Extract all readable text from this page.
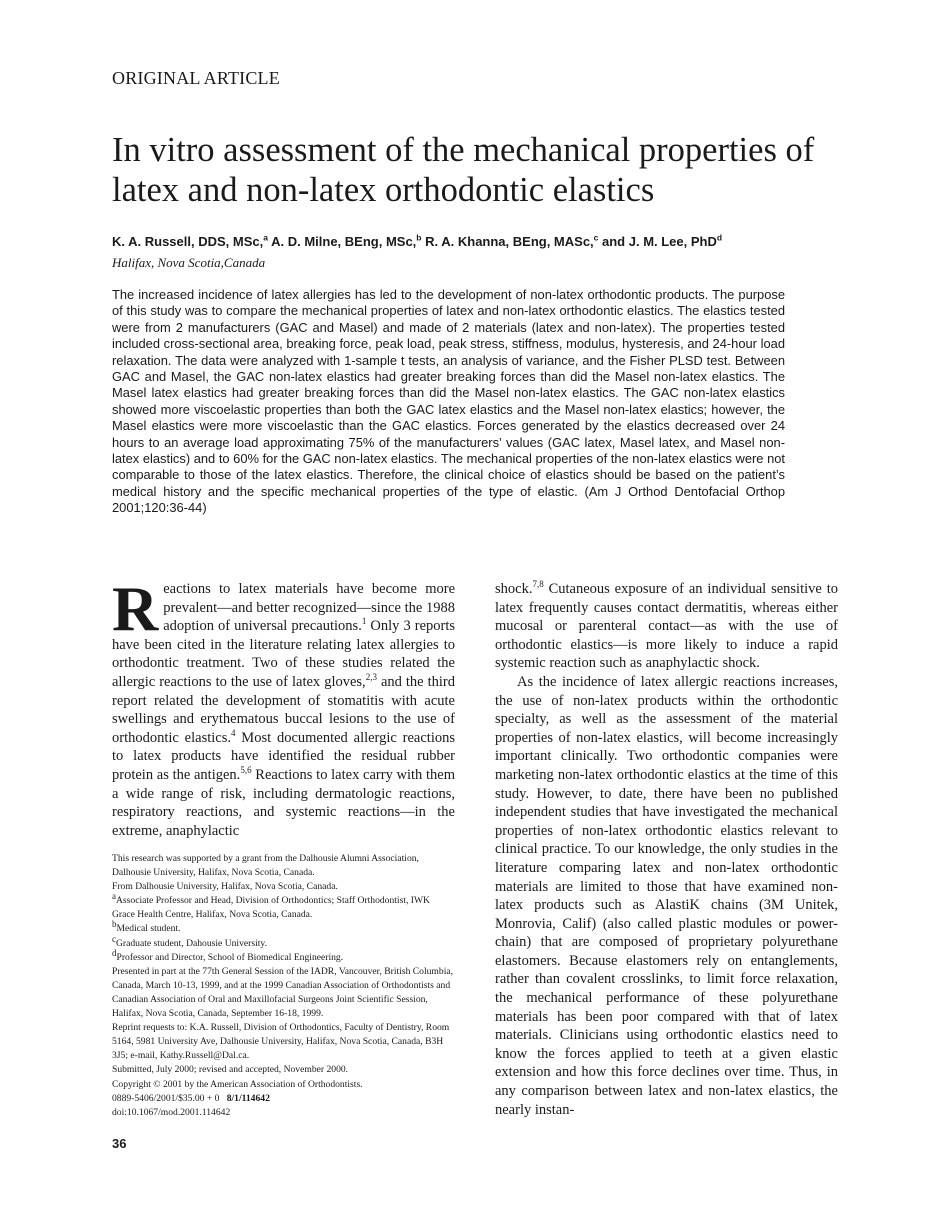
ORIGINAL ARTICLE
In vitro assessment of the mechanical properties of latex and non-latex orthodontic elastics
K. A. Russell, DDS, MSc,$^a$ A. D. Milne, BEng, MSc,$^b$ R. A. Khanna, BEng, MASc,$^c$ and J. M. Lee, PhD$^d$
Halifax, Nova Scotia,Canada

The increased incidence of latex allergies has led to the development of non-latex orthodontic products. The purpose of this study was to compare the mechanical properties of latex and non-latex orthodontic elastics. The elastics tested were from 2 manufacturers (GAC and Masel) and made of 2 materials (latex and non-latex). The properties tested included cross-sectional area, breaking force, peak load, peak stress, stiffness, modulus, hysteresis, and 24-hour load relaxation. The data were analyzed with 1-sample t tests, an analysis of variance, and the Fisher PLSD test. Between GAC and Masel, the GAC non-latex elastics had greater breaking forces than did the Masel non-latex elastics. The Masel latex elastics had greater breaking forces than did the Masel non-latex elastics. The GAC non-latex elastics showed more viscoelastic properties than both the GAC latex elastics and the Masel non-latex elastics; however, the Masel elastics were more viscoelastic than the GAC elastics. Forces generated by the elastics decreased over 24 hours to an average load approximating 75% of the manufacturers’ values (GAC latex, Masel latex, and Masel non-latex elastics) and to 60% for the GAC non-latex elastics. The mechanical properties of the non-latex elastics were not comparable to those of the latex elastics. Therefore, the clinical choice of elastics should be based on the patient’s medical history and the specific mechanical properties of the type of elastic. (Am J Orthod Dentofacial Orthop 2001;120:36-44)

Reactions to latex materials have become more prevalent—and better recognized—since the 1988 adoption of universal precautions.$^1$ Only 3 reports have been cited in the literature relating latex allergies to orthodontic treatment. Two of these studies related the allergic reactions to the use of latex gloves,$^{2,3}$ and the third report related the development of stomatitis with acute swellings and erythematous buccal lesions to the use of orthodontic elastics.$^4$ Most documented allergic reactions to latex products have identified the residual rubber protein as the antigen.$^{5,6}$ Reactions to latex carry with them a wide range of risk, including dermatologic reactions, respiratory reactions, and systemic reactions—in the extreme, anaphylactic

shock.$^{7,8}$ Cutaneous exposure of an individual sensitive to latex frequently causes contact dermatitis, whereas either mucosal or parenteral contact—as with the use of orthodontic elastics—is more likely to induce a rapid systemic reaction such as anaphylactic shock.

As the incidence of latex allergic reactions increases, the use of non-latex products within the orthodontic specialty, as well as the assessment of the material properties of non-latex elastics, will become increasingly important clinically. Two orthodontic companies were marketing non-latex orthodontic elastics at the time of this study. However, to date, there have been no published independent studies that have investigated the mechanical properties of non-latex orthodontic elastics relevant to clinical practice. To our knowledge, the only studies in the literature comparing latex and non-latex orthodontic materials are limited to those that have examined non-latex products such as AlastiK chains (3M Unitek, Monrovia, Calif) (also called plastic modules or power-chain) that are composed of proprietary polyurethane elastomers. Because elastomers rely on entanglements, rather than covalent crosslinks, to limit force relaxation, the mechanical performance of these polyurethane materials has been poor compared with that of latex materials. Clinicians using orthodontic elastics need to know the forces applied to teeth at a given elastic extension and how this force declines over time. Thus, in any comparison between latex and non-latex elastics, the nearly instan-

This research was supported by a grant from the Dalhousie Alumni Association, Dalhousie University, Halifax, Nova Scotia, Canada.

From Dalhousie University, Halifax, Nova Scotia, Canada.

$^a$Associate Professor and Head, Division of Orthodontics; Staff Orthodontist, IWK Grace Health Centre, Halifax, Nova Scotia, Canada.

$^b$Medical student.

$^c$Graduate student, Dahousie University.

$^d$Professor and Director, School of Biomedical Engineering.

Presented in part at the 77th General Session of the IADR, Vancouver, British Columbia, Canada, March 10-13, 1999, and at the 1999 Canadian Association of Orthodontists and Canadian Association of Oral and Maxillofacial Surgeons Joint Scientific Session, Halifax, Nova Scotia, Canada, September 16-18, 1999.

Reprint requests to: K.A. Russell, Division of Orthodontics, Faculty of Dentistry, Room 5164, 5981 University Ave, Dalhousie University, Halifax, Nova Scotia, Canada, B3H 3J5; e-mail, Kathy.Russell@Dal.ca.

Submitted, July 2000; revised and accepted, November 2000.

Copyright © 2001 by the American Association of Orthodontists.

0889-5406/2001/$35.00 + 0 8/1/114642

doi:10.1067/mod.2001.114642

36
